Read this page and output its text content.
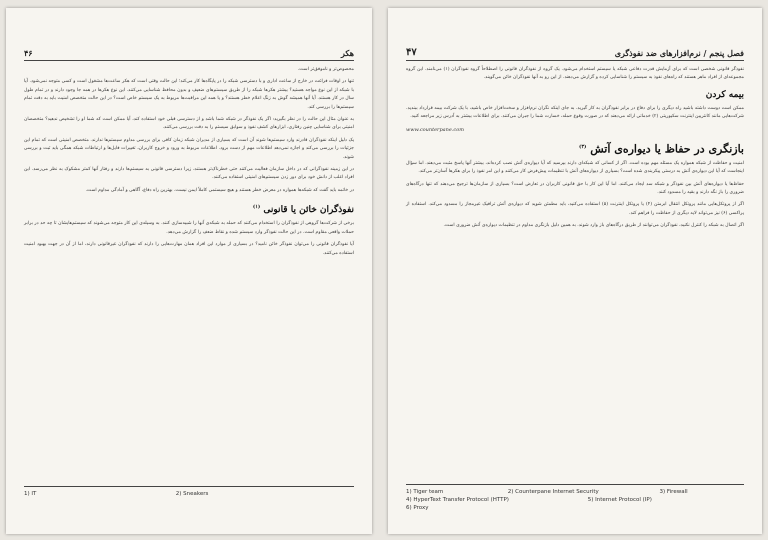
هکر
۴۶

محصوص‌تر و ناموفق‌تر است.

تنها در اوقات فراغت در خارج از ساعت اداری و با دسترسی شبکه را در پایگاه‌ها کار می‌کند؛ این حالت وقتی است که هکر ساعت‌ها مشغول است و کسی متوجه نمی‌شود. آیا با شبکه از این نوع مواجه هستید؟ بیشتر هکرها شبکه را از طریق سیستم‌های ضعیف و بدون محافظ شناسایی می‌کنند. این نوع هکرها در همه جا وجود دارند و در تمام طول سال در کار هستند. آیا آنها همیشه گوش به زنگ اعلام خطر هستند؟ و یا همه این مراقبت‌ها مربوط به یک سیستم خاص است؟ در این حالت متخصص امنیت باید به دقت تمام سیستم‌ها را بررسی کند.

به عنوان مثال این حالت را در نظر بگیرید: اگر یک نفوذگر در شبکه شما باشد و از دسترسی قبلی خود استفاده کند، آیا ممکن است که شما او را تشخیص ندهید؟ متخصصان امنیتی برای شناسایی چنین رفتاری، ابزارهای کشف نفوذ و سوابق سیستم را به دقت بررسی می‌کنند.

یک دلیل اینکه نفوذگران قادرند وارد سیستم‌ها شوند آن است که بسیاری از مدیران شبکه زمان کافی برای بررسی مداوم سیستم‌ها ندارند. متخصص امنیتی است که تمام این جزئیات را بررسی می‌کند و اجازه نمی‌دهد اطلاعات مهم از دست برود. اطلاعات مربوط به ورود و خروج کاربران، تغییرات فایل‌ها و ارتباطات شبکه همگی باید ثبت و بررسی شوند.

در این زمینه نفوذگرانی که در داخل سازمان فعالیت می‌کنند حتی خطرناک‌تر هستند، زیرا دسترسی قانونی به سیستم‌ها دارند و رفتار آنها کمتر مشکوک به نظر می‌رسد. این افراد اغلب از دانش خود برای دور زدن سیستم‌های امنیتی استفاده می‌کنند.

در خاتمه باید گفت که شبکه‌ها همواره در معرض خطر هستند و هیچ سیستمی کاملاً ایمن نیست. بهترین راه دفاع، آگاهی و آمادگی مداوم است.

نفوذگران خائن یا قانونی $^{(۱)}$

برخی از شرکت‌ها گروهی از نفوذگران را استخدام می‌کنند که حمله به شبکه‌ی آنها را شبیه‌سازی کنند. به وسیله‌ی این کار متوجه می‌شوند که سیستم‌هایشان تا چه حد در برابر حملات واقعی مقاوم است. در این حالت نفوذگر وارد سیستم شده و نقاط ضعف را گزارش می‌دهد.

آیا نفوذگران قانونی را می‌توان نفوذگر خائن نامید؟ در بسیاری از موارد این افراد همان مهارت‌هایی را دارند که نفوذگران غیرقانونی دارند، اما از آن در جهت بهبود امنیت استفاده می‌کنند.

1) IT	2) Sneakers
۴۷	فصل پنجم / نرم‌افزارهای ضد نفوذگری

نفوذگر قانونی شخصی است که برای آزمایش قدرت دفاعی شبکه یا سیستم استخدام می‌شود. یک گروه از نفوذگران قانونی را اصطلاحاً گروه نفوذگران (۱) می‌نامند. این گروه مجموعه‌ای از افراد ماهر هستند که راه‌های نفوذ به سیستم را شناسایی کرده و گزارش می‌دهند. از این رو به آنها نفوذگران خائن می‌گویند.

بیمه کردن

ممکن است دوست داشته باشید راه دیگری را برای دفاع در برابر نفوذگران به کار گیرید. به جای اینکه نگران نرم‌افزار و سخت‌افزار خاص باشید، با یک شرکت بیمه قرارداد ببندید. شرکت‌هایی مانند کانترپین اینترنت سکیوریتی (۲) خدماتی ارائه می‌دهند که در صورت وقوع حمله، خسارت شما را جبران می‌کنند. برای اطلاعات بیشتر به آدرس زیر مراجعه کنید.

www.counterpane.com
بازنگری در حفاظ یا دیواره‌ی آتش $^{(۳)}$

امنیت و حفاظت از شبکه همواره یک مسئله مهم بوده است. اگر از کسانی که شبکه‌ای دارند بپرسید که آیا دیواره‌ی آتش نصب کرده‌اند، بیشتر آنها پاسخ مثبت می‌دهند. اما سؤال اینجاست که آیا این دیواره‌ی آتش به درستی پیکربندی شده است؟ بسیاری از دیواره‌های آتش با تنظیمات پیش‌فرض کار می‌کنند و این امر نفوذ را برای هکرها آسان‌تر می‌کند.

حفاظ‌ها یا دیواره‌های آتش بین نفوذگر و شبکه سد ایجاد می‌کنند. اما آیا این کار با حق قانونی کاربران در تعارض است؟ بسیاری از سازمان‌ها ترجیح می‌دهند که تنها درگاه‌های ضروری را باز نگه دارند و بقیه را مسدود کنند.

اگر از پروتکل‌هایی مانند پروتکل انتقال ابرمتن (۴) یا پروتکل اینترنت (۵) استفاده می‌کنید، باید مطمئن شوید که دیواره‌ی آتش ترافیک غیرمجاز را مسدود می‌کند. استفاده از پراکسی (۶) نیز می‌تواند لایه دیگری از حفاظت را فراهم کند.

اگر اتصال به شبکه را کنترل نکنید، نفوذگران می‌توانند از طریق درگاه‌های باز وارد شوند. به همین دلیل بازنگری مداوم در تنظیمات دیواره‌ی آتش ضروری است.

1) Tiger team	2) Counterpane Internet Security	3) Firewall
4) HyperText Transfer Protocol (HTTP)	5) Internet Protocol (IP)
6) Proxy
